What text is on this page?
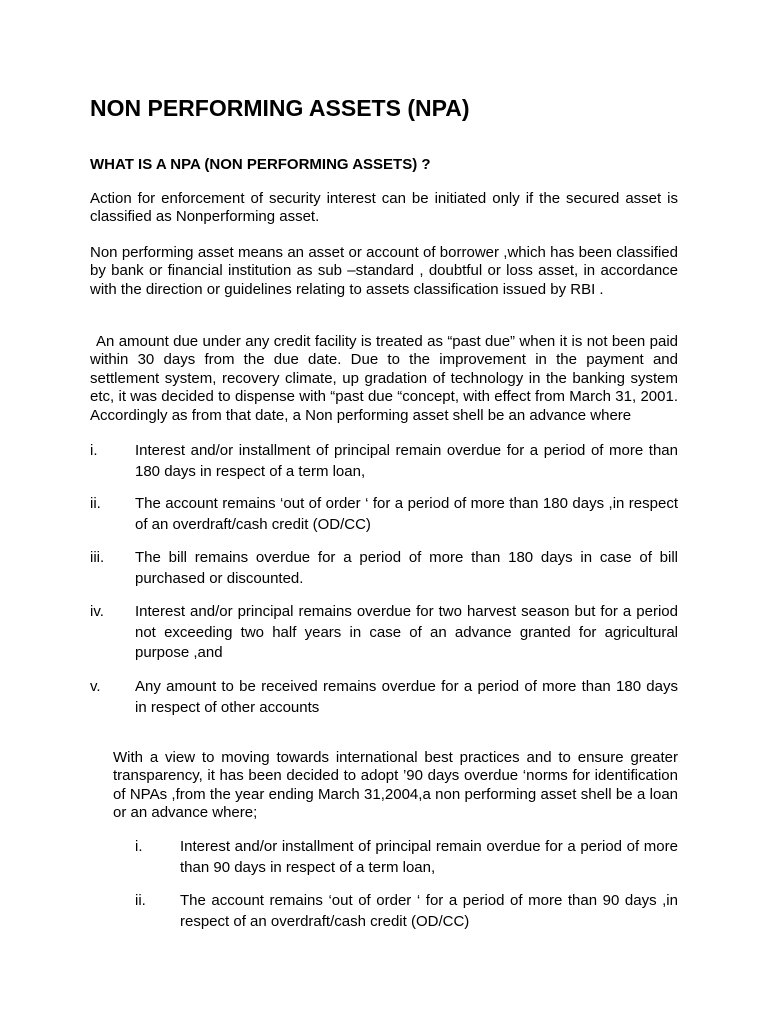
NON PERFORMING ASSETS (NPA)
WHAT IS A NPA (NON PERFORMING ASSETS) ?

Action for enforcement of security interest can be initiated only if the secured asset is classified as Nonperforming asset.

Non performing asset means an asset or account of borrower ,which has been classified by bank or financial institution as sub –standard , doubtful or loss asset, in accordance with the direction or guidelines relating to assets classification issued by RBI .

An amount due under any credit facility is treated as “past due” when it is not been paid within 30 days from the due date. Due to the improvement in the payment and settlement system, recovery climate, up gradation of technology in the banking system etc, it was decided to dispense with “past due “concept, with effect from March 31, 2001. Accordingly as from that date, a Non performing asset shell be an advance where

i.	Interest and/or installment of principal remain overdue for a period of more than 180 days in respect of a term loan,
ii. The account remains ‘out of order ‘ for a period of more than 180 days ,in respect of an overdraft/cash credit (OD/CC)
iii. The bill remains overdue for a period of more than 180 days in case of bill purchased or discounted.
iv. Interest and/or principal remains overdue for two harvest season but for a period not exceeding two half years in case of an advance granted for agricultural purpose ,and
v. Any amount to be received remains overdue for a period of more than 180 days in respect of other accounts

With a view to moving towards international best practices and to ensure greater transparency, it has been decided to adopt ’90 days overdue ‘norms for identification of NPAs ,from the year ending March 31,2004,a non performing asset shell be a loan or an advance where;

i.	Interest and/or installment of principal remain overdue for a period of more than 90 days in respect of a term loan,
ii. The account remains ‘out of order ‘ for a period of more than 90 days ,in respect of an overdraft/cash credit (OD/CC)
